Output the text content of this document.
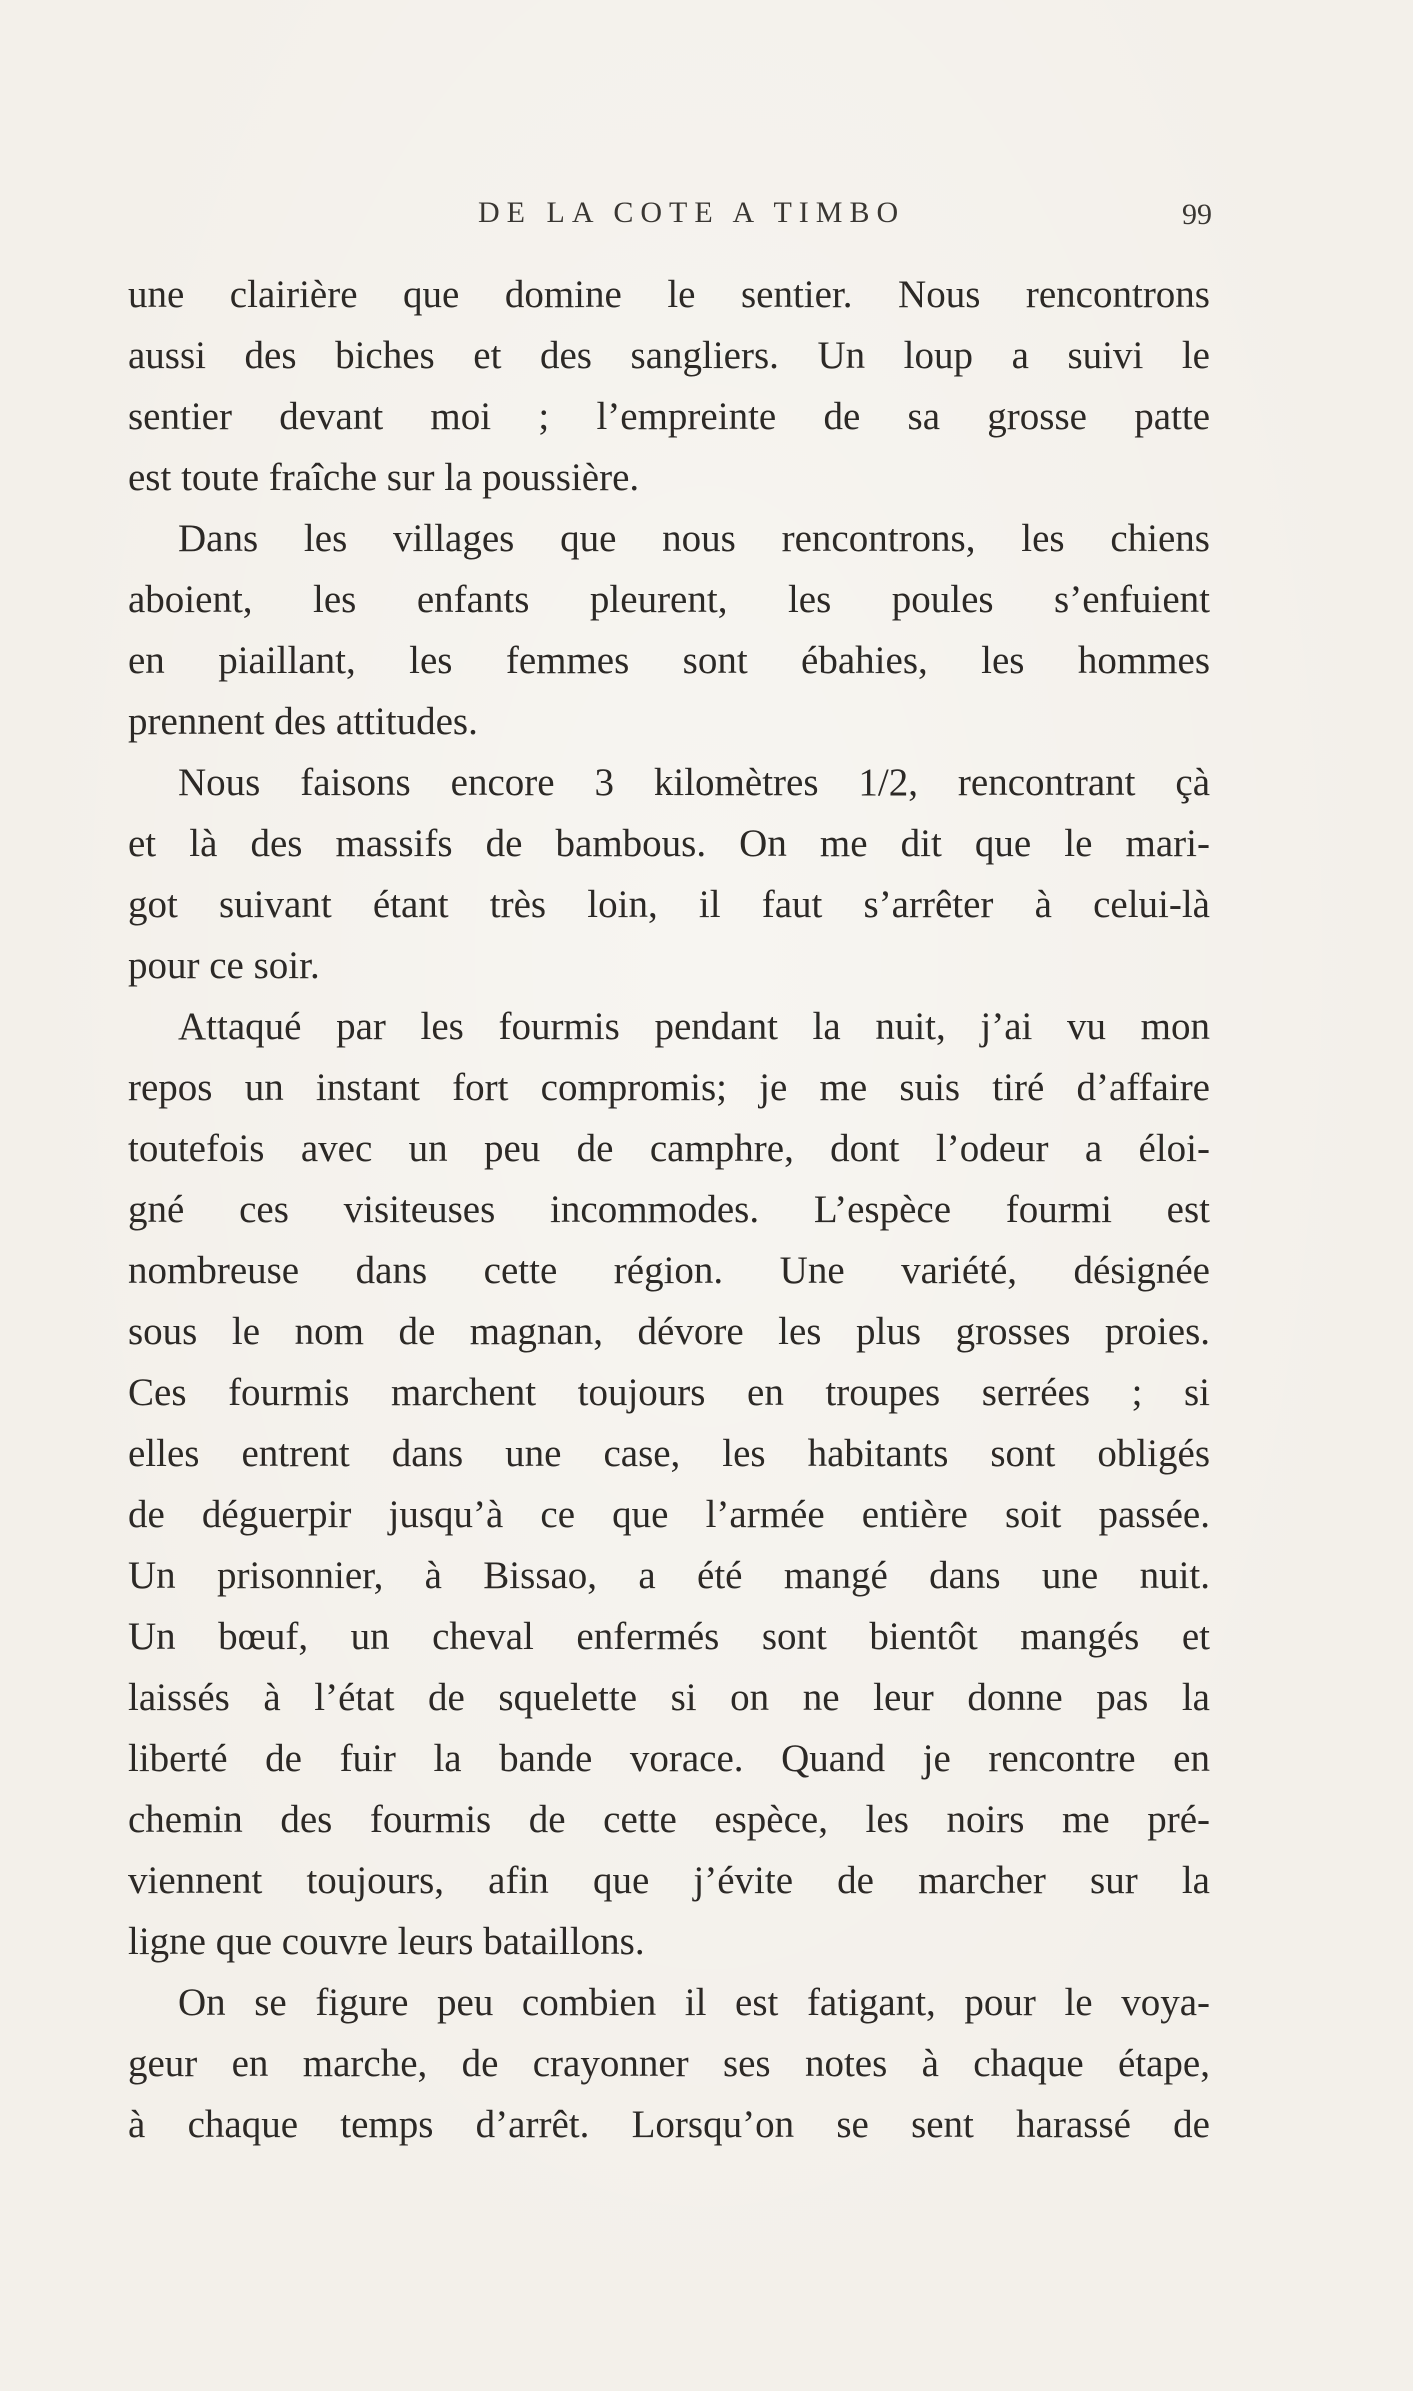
DE LA COTE A TIMBO	99
une clairière que domine le sentier. Nous rencontrons
aussi des biches et des sangliers. Un loup a suivi le
sentier devant moi ; l’empreinte de sa grosse patte
est toute fraîche sur la poussière.
Dans les villages que nous rencontrons, les chiens
aboient, les enfants pleurent, les poules s’enfuient
en piaillant, les femmes sont ébahies, les hommes
prennent des attitudes.
Nous faisons encore 3 kilomètres 1/2, rencontrant çà
et là des massifs de bambous. On me dit que le mari-
got suivant étant très loin, il faut s’arrêter à celui-là
pour ce soir.
Attaqué par les fourmis pendant la nuit, j’ai vu mon
repos un instant fort compromis; je me suis tiré d’affaire
toutefois avec un peu de camphre, dont l’odeur a éloi-
gné ces visiteuses incommodes. L’espèce fourmi est
nombreuse dans cette région. Une variété, désignée
sous le nom de magnan, dévore les plus grosses proies.
Ces fourmis marchent toujours en troupes serrées ; si
elles entrent dans une case, les habitants sont obligés
de déguerpir jusqu’à ce que l’armée entière soit passée.
Un prisonnier, à Bissao, a été mangé dans une nuit.
Un bœuf, un cheval enfermés sont bientôt mangés et
laissés à l’état de squelette si on ne leur donne pas la
liberté de fuir la bande vorace. Quand je rencontre en
chemin des fourmis de cette espèce, les noirs me pré-
viennent toujours, afin que j’évite de marcher sur la
ligne que couvre leurs bataillons.
On se figure peu combien il est fatigant, pour le voya-
geur en marche, de crayonner ses notes à chaque étape,
à chaque temps d’arrêt. Lorsqu’on se sent harassé de
